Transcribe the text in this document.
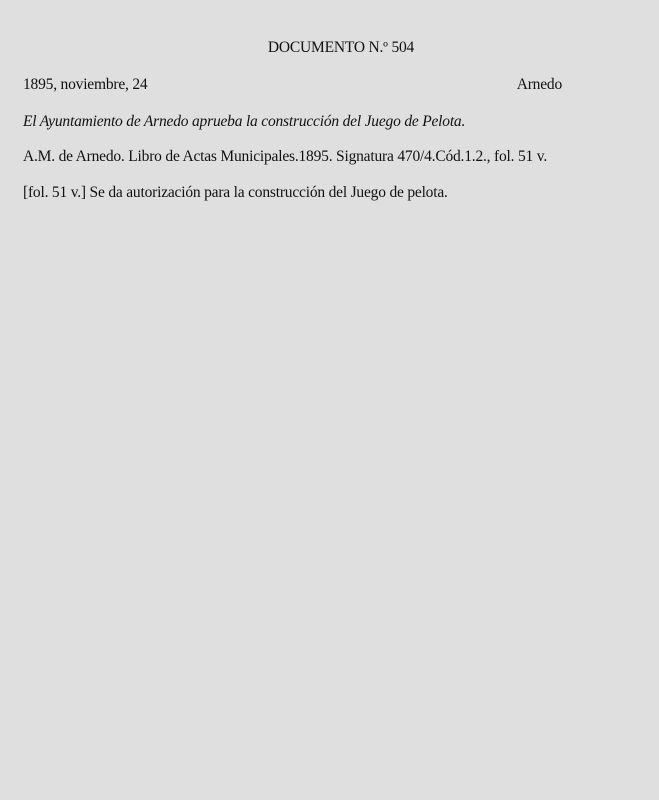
DOCUMENTO N.º 504
1895, noviembre, 24	Arnedo
El Ayuntamiento de Arnedo aprueba la construcción del Juego de Pelota.
A.M. de Arnedo. Libro de Actas Municipales.1895. Signatura 470/4.Cód.1.2., fol. 51 v.
[fol. 51 v.] Se da autorización para la construcción del Juego de pelota.
